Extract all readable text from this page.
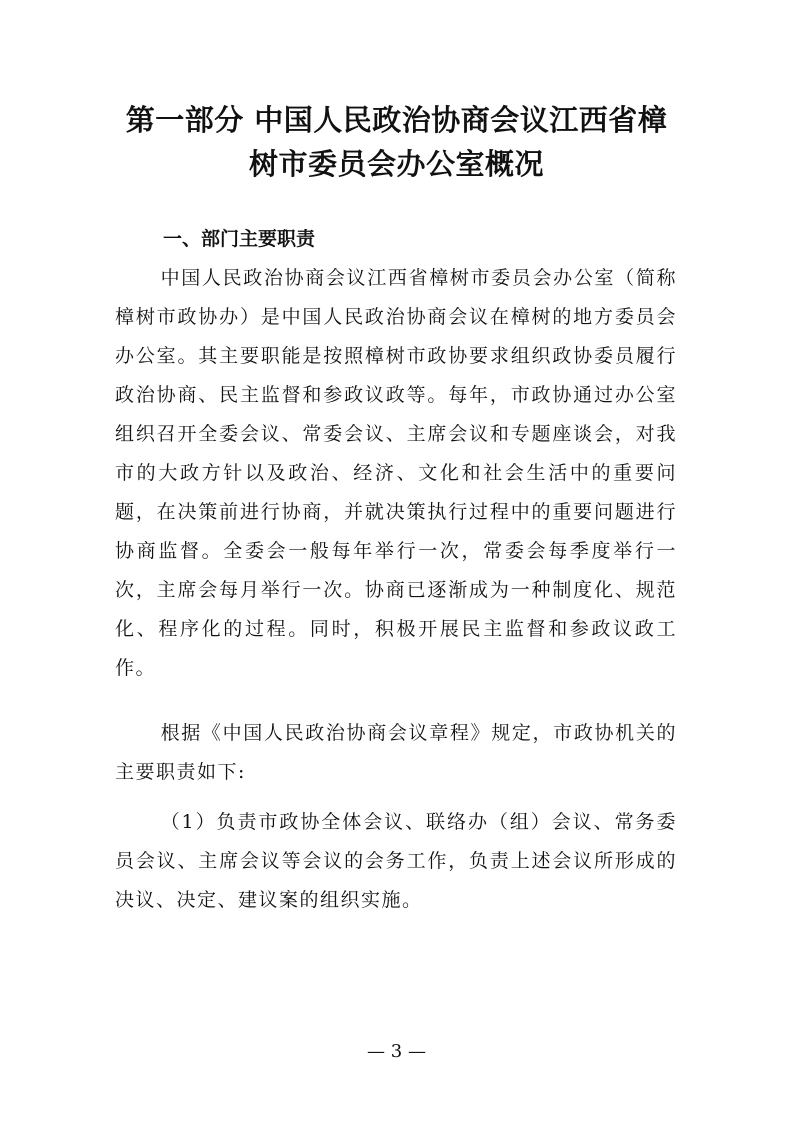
第一部分 中国人民政治协商会议江西省樟
树市委员会办公室概况
一、部门主要职责

中国人民政治协商会议江西省樟树市委员会办公室（简称樟树市政协办）是中国人民政治协商会议在樟树的地方委员会办公室。其主要职能是按照樟树市政协要求组织政协委员履行政治协商、民主监督和参政议政等。每年，市政协通过办公室组织召开全委会议、常委会议、主席会议和专题座谈会，对我市的大政方针以及政治、经济、文化和社会生活中的重要问题，在决策前进行协商，并就决策执行过程中的重要问题进行协商监督。全委会一般每年举行一次，常委会每季度举行一次，主席会每月举行一次。协商已逐渐成为一种制度化、规范化、程序化的过程。同时，积极开展民主监督和参政议政工作。

根据《中国人民政治协商会议章程》规定，市政协机关的主要职责如下:

（1）负责市政协全体会议、联络办（组）会议、常务委员会议、主席会议等会议的会务工作，负责上述会议所形成的决议、决定、建议案的组织实施。

— 3 —
